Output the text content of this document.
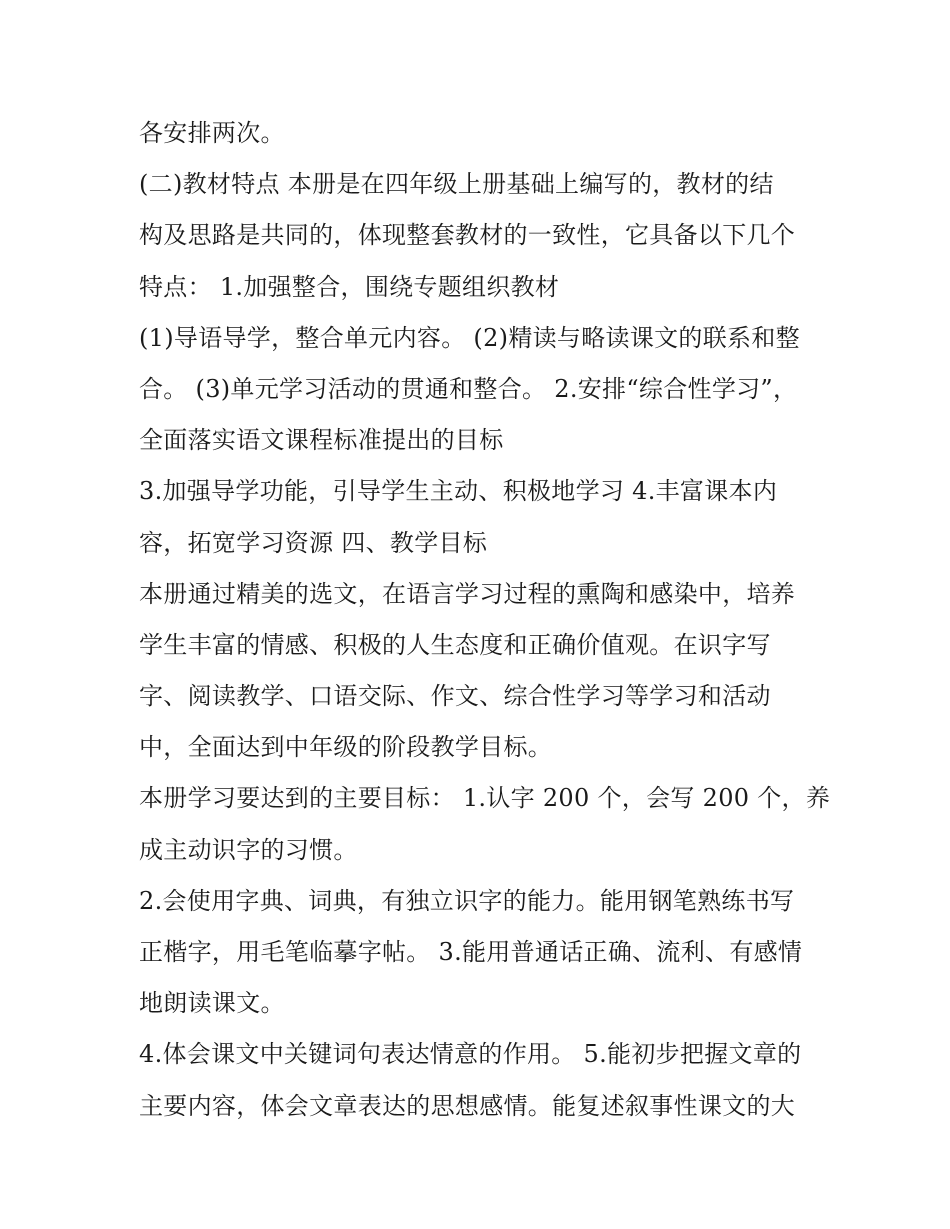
各安排两次。

(二)教材特点 本册是在四年级上册基础上编写的，教材的结
构及思路是共同的，体现整套教材的一致性，它具备以下几个
特点： 1.加强整合，围绕专题组织教材

(1)导语导学，整合单元内容。 (2)精读与略读课文的联系和整
合。 (3)单元学习活动的贯通和整合。 2.安排“综合性学习”，
全面落实语文课程标准提出的目标

3.加强导学功能，引导学生主动、积极地学习 4.丰富课本内
容，拓宽学习资源 四、教学目标

本册通过精美的选文，在语言学习过程的熏陶和感染中，培养
学生丰富的情感、积极的人生态度和正确价值观。在识字写
字、阅读教学、口语交际、作文、综合性学习等学习和活动
中，全面达到中年级的阶段教学目标。

本册学习要达到的主要目标： 1.认字 200 个，会写 200 个，养
成主动识字的习惯。

2.会使用字典、词典，有独立识字的能力。能用钢笔熟练书写
正楷字，用毛笔临摹字帖。 3.能用普通话正确、流利、有感情
地朗读课文。

4.体会课文中关键词句表达情意的作用。 5.能初步把握文章的
主要内容，体会文章表达的思想感情。能复述叙事性课文的大
